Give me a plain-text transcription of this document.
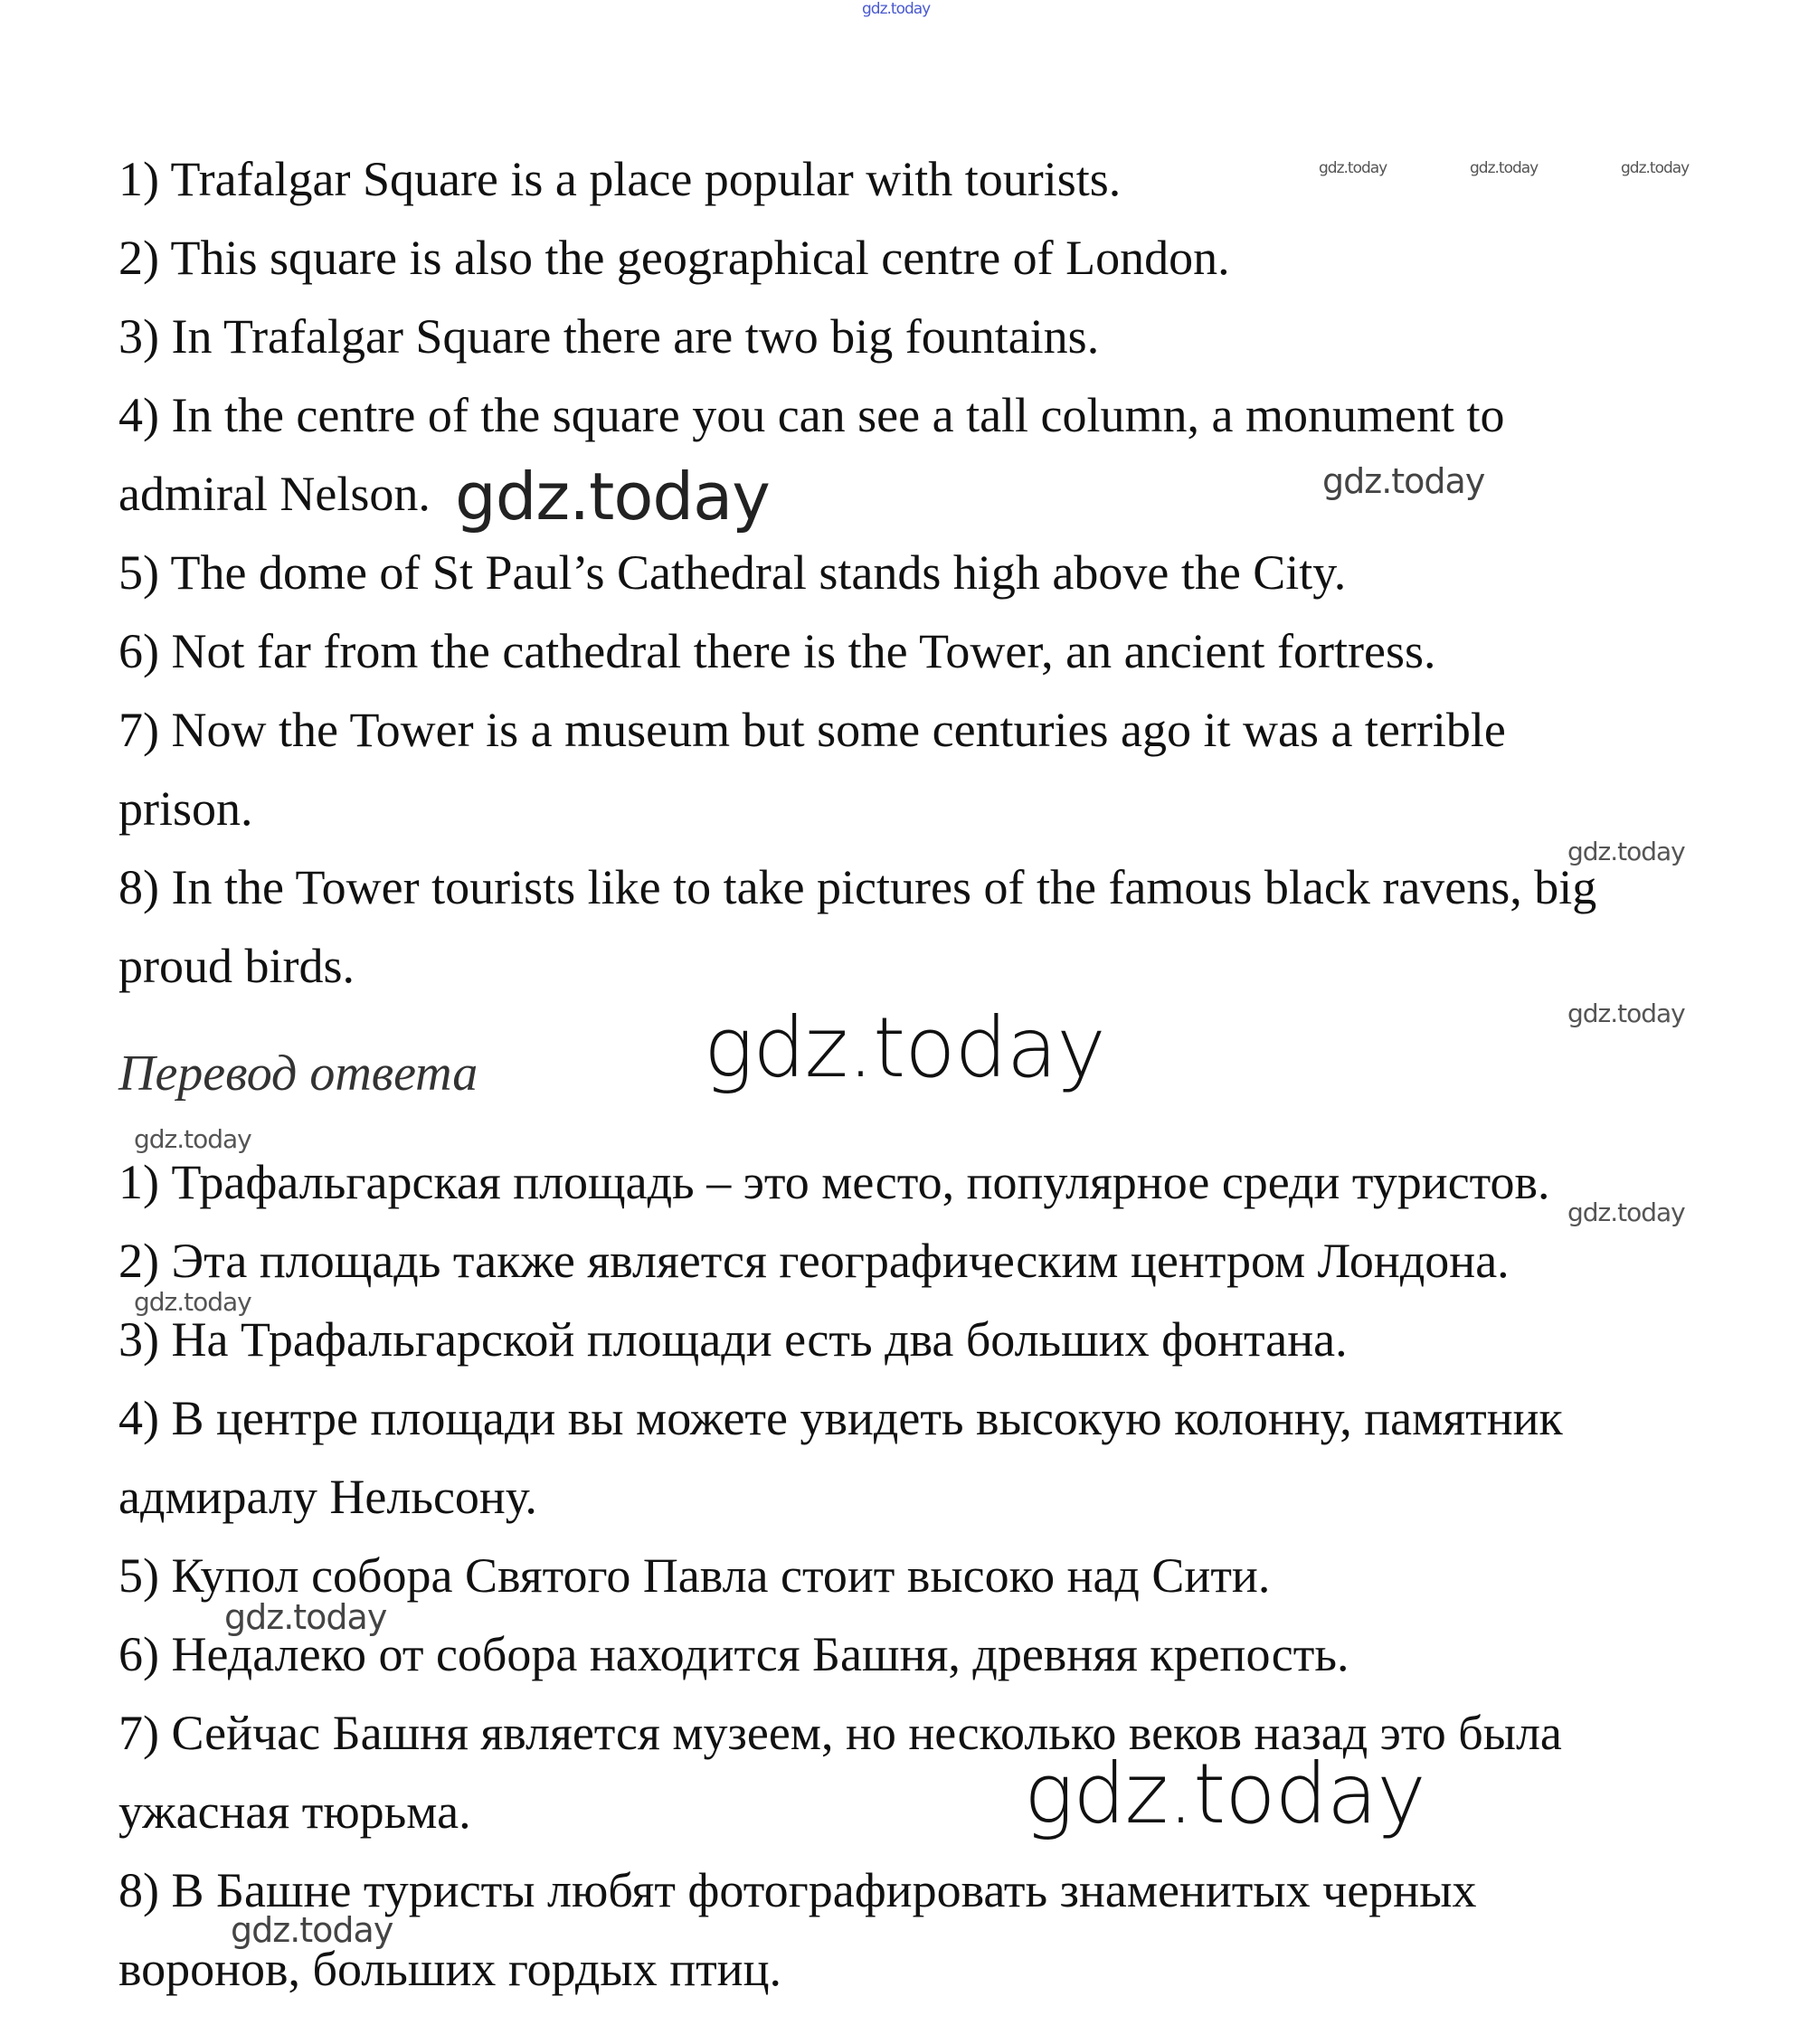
1) Trafalgar Square is a place popular with tourists.
2) This square is also the geographical centre of London.
3) In Trafalgar Square there are two big fountains.
4) In the centre of the square you can see a tall column, a monument to
admiral Nelson.
5) The dome of St Paul’s Cathedral stands high above the City.
6) Not far from the cathedral there is the Tower, an ancient fortress.
7) Now the Tower is a museum but some centuries ago it was a terrible
prison.
8) In the Tower tourists like to take pictures of the famous black ravens, big
proud birds.
Перевод ответа
1) Трафальгарская площадь – это место, популярное среди туристов.
2) Эта площадь также является географическим центром Лондона.
3) На Трафальгарской площади есть два больших фонтана.
4) В центре площади вы можете увидеть высокую колонну, памятник
адмиралу Нельсону.
5) Купол собора Святого Павла стоит высоко над Сити.
6) Недалеко от собора находится Башня, древняя крепость.
7) Сейчас Башня является музеем, но несколько веков назад это была
ужасная тюрьма.
8) В Башне туристы любят фотографировать знаменитых черных
воронов, больших гордых птиц.
gdz.today
gdz.today	gdz.today	gdz.today
gdz.today	gdz.today
gdz.today
gdz.today
gdz.today
gdz.today
gdz.today
gdz.today
gdz.today
gdz.today
gdz.today
